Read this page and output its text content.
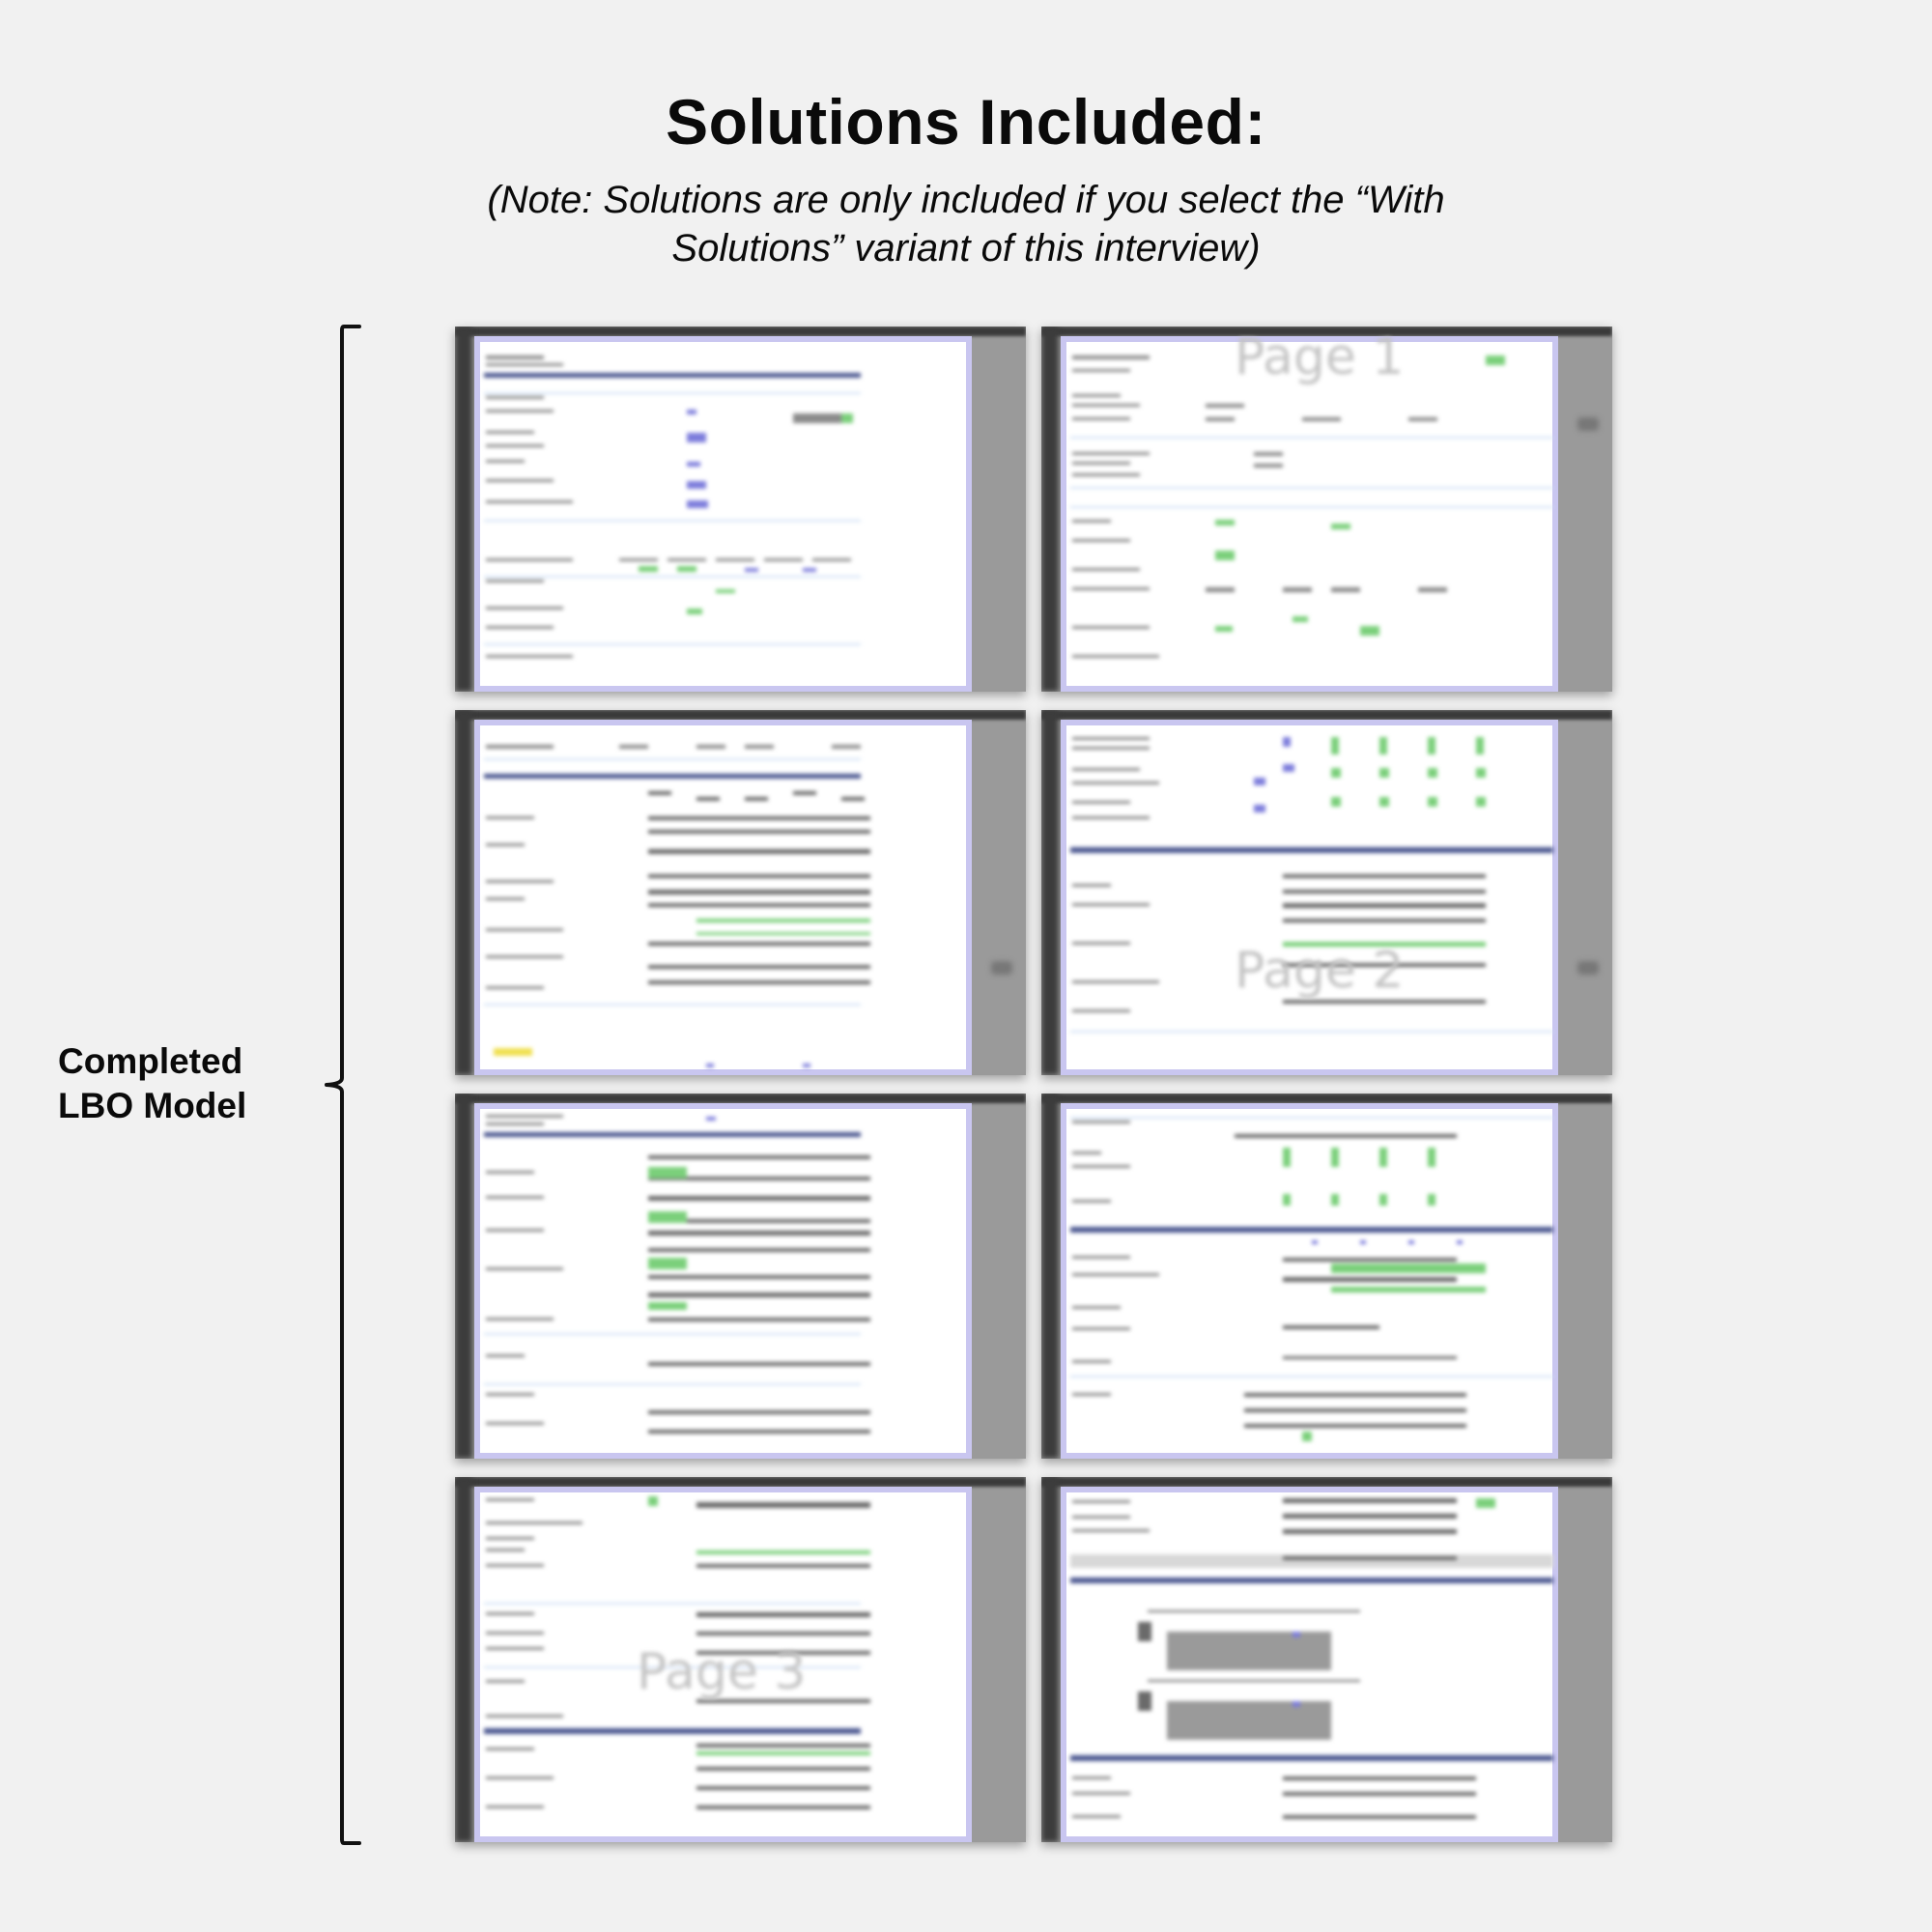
Solutions Included:
(Note: Solutions are only included if you select the “With
Solutions” variant of this interview)
Completed
LBO Model
Page 1
Page 2
Page 3
